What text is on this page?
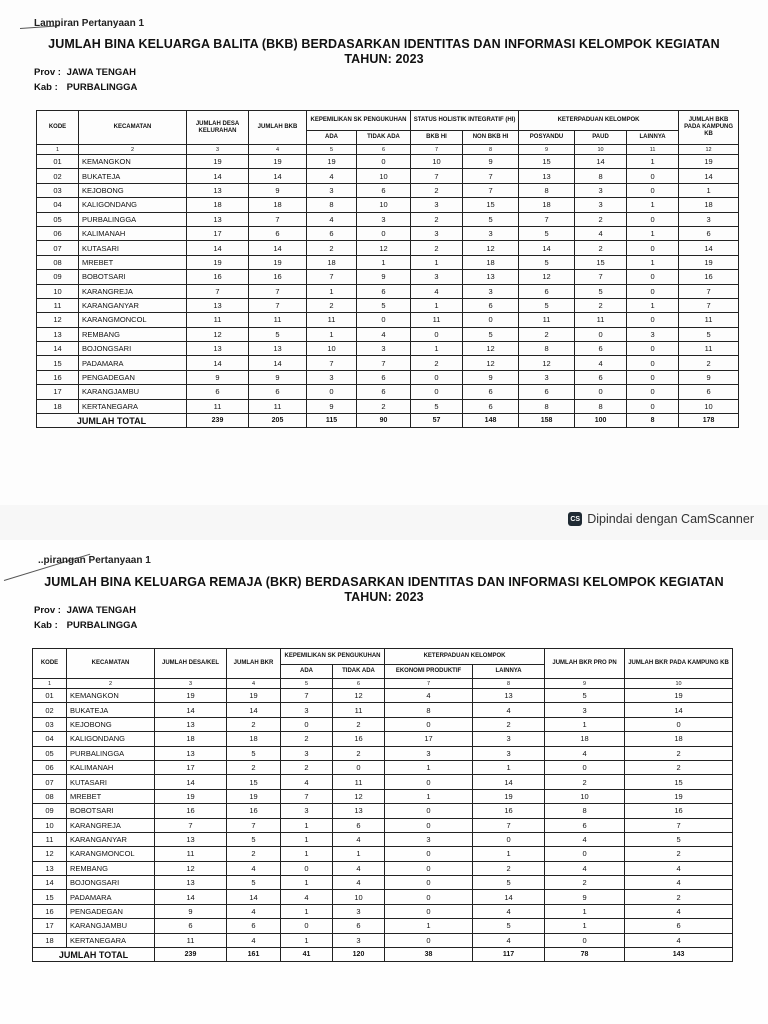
Lampiran Pertanyaan 1
JUMLAH BINA KELUARGA BALITA (BKB) BERDASARKAN IDENTITAS DAN INFORMASI KELOMPOK KEGIATAN
TAHUN: 2023
Prov : JAWA TENGAH
Kab : PURBALINGGA
KODE	KECAMATAN	JUMLAH DESA KELURAHAN	JUMLAH BKB	KEPEMILIKAN SK PENGUKUHAN		STATUS HOLISTIK INTEGRATIF (HI)		KETERPADUAN KELOMPOK			JUMLAH BKB PADA KAMPUNG KB
				ADA	TIDAK ADA	BKB HI	NON BKB HI	POSYANDU	PAUD	LAINNYA	
1	2	3	4	5	6	7	8	9	10	11	12
01	KEMANGKON	19	19	19	0	10	9	15	14	1	19
02	BUKATEJA	14	14	4	10	7	7	13	8	0	14
03	KEJOBONG	13	9	3	6	2	7	8	3	0	1
04	KALIGONDANG	18	18	8	10	3	15	18	3	1	18
05	PURBALINGGA	13	7	4	3	2	5	7	2	0	3
06	KALIMANAH	17	6	6	0	3	3	5	4	1	6
07	KUTASARI	14	14	2	12	2	12	14	2	0	14
08	MREBET	19	19	18	1	1	18	5	15	1	19
09	BOBOTSARI	16	16	7	9	3	13	12	7	0	16
10	KARANGREJA	7	7	1	6	4	3	6	5	0	7
11	KARANGANYAR	13	7	2	5	1	6	5	2	1	7
12	KARANGMONCOL	11	11	11	0	11	0	11	11	0	11
13	REMBANG	12	5	1	4	0	5	2	0	3	5
14	BOJONGSARI	13	13	10	3	1	12	8	6	0	11
15	PADAMARA	14	14	7	7	2	12	12	4	0	2
16	PENGADEGAN	9	9	3	6	0	9	3	6	0	9
17	KARANGJAMBU	6	6	0	6	0	6	6	0	0	6
18	KERTANEGARA	11	11	9	2	5	6	8	8	0	10
JUMLAH TOTAL		239	205	115	90	57	148	158	100	8	178
CS Dipindai dengan CamScanner
..pirangan Pertanyaan 1
JUMLAH BINA KELUARGA REMAJA (BKR) BERDASARKAN IDENTITAS DAN INFORMASI KELOMPOK KEGIATAN
TAHUN: 2023
Prov : JAWA TENGAH
Kab : PURBALINGGA
KODE	KECAMATAN	JUMLAH DESA/KEL	JUMLAH BKR	KEPEMILIKAN SK PENGUKUHAN		KETERPADUAN KELOMPOK		JUMLAH BKR PRO PN	JUMLAH BKR PADA KAMPUNG KB
				ADA	TIDAK ADA	EKONOMI PRODUKTIF	LAINNYA		
1	2	3	4	5	6	7	8	9	10
01	KEMANGKON	19	19	7	12	4	13	5	19
02	BUKATEJA	14	14	3	11	8	4	3	14
03	KEJOBONG	13	2	0	2	0	2	1	0
04	KALIGONDANG	18	18	2	16	17	3	18	18
05	PURBALINGGA	13	5	3	2	3	3	4	2
06	KALIMANAH	17	2	2	0	1	1	0	2
07	KUTASARI	14	15	4	11	0	14	2	15
08	MREBET	19	19	7	12	1	19	10	19
09	BOBOTSARI	16	16	3	13	0	16	8	16
10	KARANGREJA	7	7	1	6	0	7	6	7
11	KARANGANYAR	13	5	1	4	3	0	4	5
12	KARANGMONCOL	11	2	1	1	0	1	0	2
13	REMBANG	12	4	0	4	0	2	4	4
14	BOJONGSARI	13	5	1	4	0	5	2	4
15	PADAMARA	14	14	4	10	0	14	9	2
16	PENGADEGAN	9	4	1	3	0	4	1	4
17	KARANGJAMBU	6	6	0	6	1	5	1	6
18	KERTANEGARA	11	4	1	3	0	4	0	4
JUMLAH TOTAL		239	161	41	120	38	117	78	143
